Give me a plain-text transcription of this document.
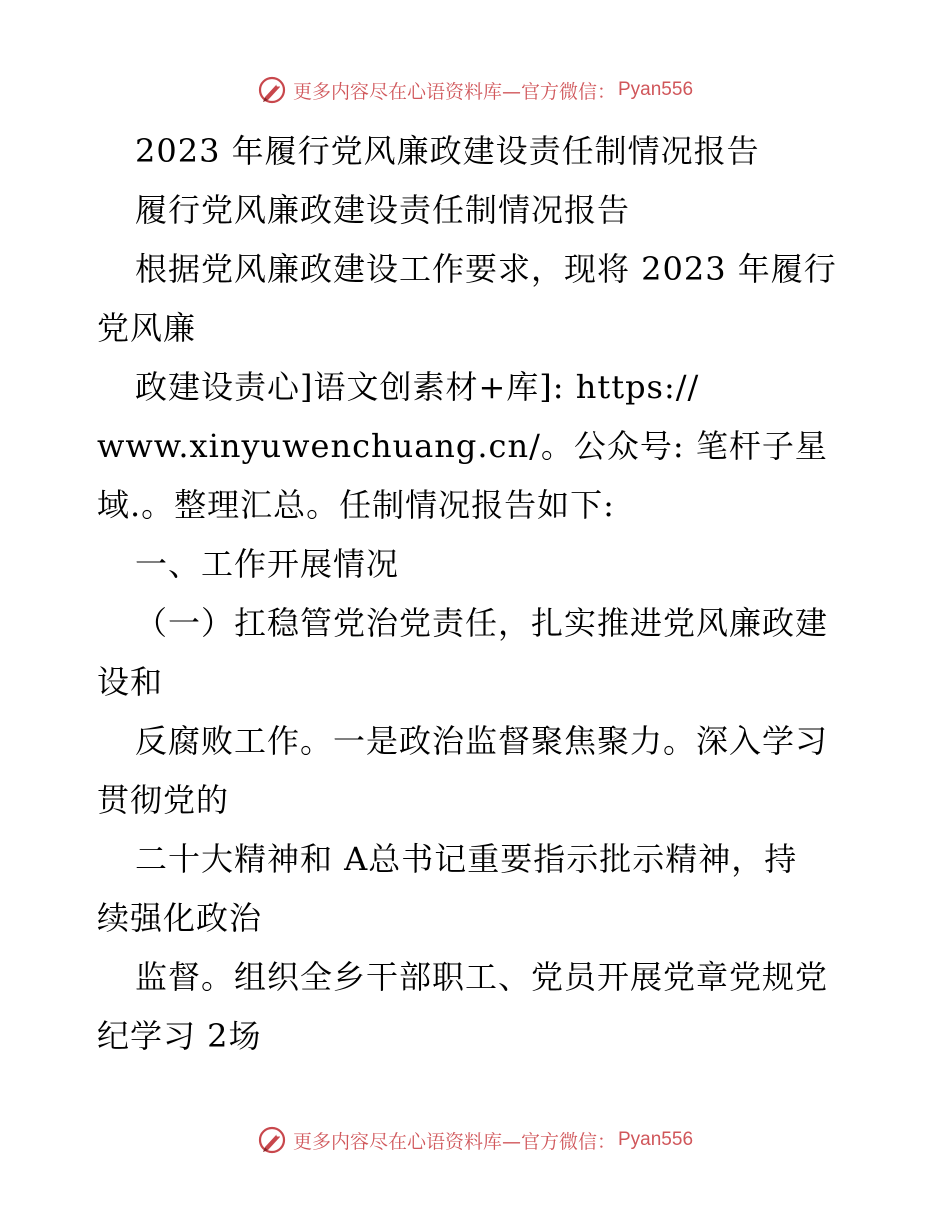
更多内容尽在心语资料库—官方微信： Pyan556
2023 年履行党风廉政建设责任制情况报告
履行党风廉政建设责任制情况报告
根据党风廉政建设工作要求，现将 2023 年履行
党风廉
政建设责心]语文创素材+库]: https://
www.xinyuwenchuang.cn/。公众号: 笔杆子星
域.。整理汇总。任制情况报告如下:
一、工作开展情况
（一）扛稳管党治党责任，扎实推进党风廉政建
设和
反腐败工作。一是政治监督聚焦聚力。深入学习
贯彻党的
二十大精神和 A总书记重要指示批示精神，持
续强化政治
监督。组织全乡干部职工、党员开展党章党规党
纪学习 2场
更多内容尽在心语资料库—官方微信： Pyan556
